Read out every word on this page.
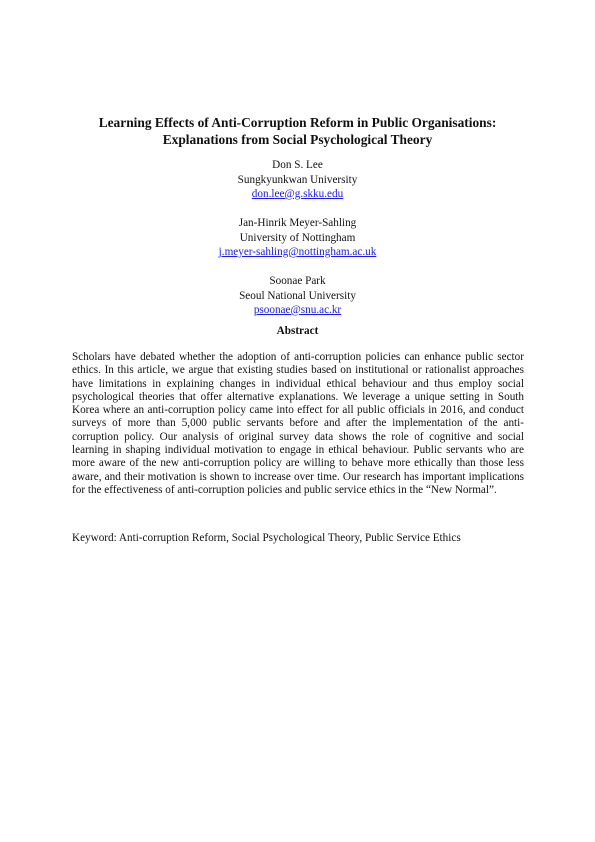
Learning Effects of Anti-Corruption Reform in Public Organisations:
Explanations from Social Psychological Theory
Don S. Lee
Sungkyunkwan University
don.lee@g.skku.edu
Jan-Hinrik Meyer-Sahling
University of Nottingham
j.meyer-sahling@nottingham.ac.uk
Soonae Park
Seoul National University
psoonae@snu.ac.kr
Abstract

Scholars have debated whether the adoption of anti-corruption policies can enhance public sector ethics. In this article, we argue that existing studies based on institutional or rationalist approaches have limitations in explaining changes in individual ethical behaviour and thus employ social psychological theories that offer alternative explanations. We leverage a unique setting in South Korea where an anti-corruption policy came into effect for all public officials in 2016, and conduct surveys of more than 5,000 public servants before and after the implementation of the anti-corruption policy. Our analysis of original survey data shows the role of cognitive and social learning in shaping individual motivation to engage in ethical behaviour. Public servants who are more aware of the new anti-corruption policy are willing to behave more ethically than those less aware, and their motivation is shown to increase over time. Our research has important implications for the effectiveness of anti-corruption policies and public service ethics in the “New Normal”.

Keyword: Anti-corruption Reform, Social Psychological Theory, Public Service Ethics
